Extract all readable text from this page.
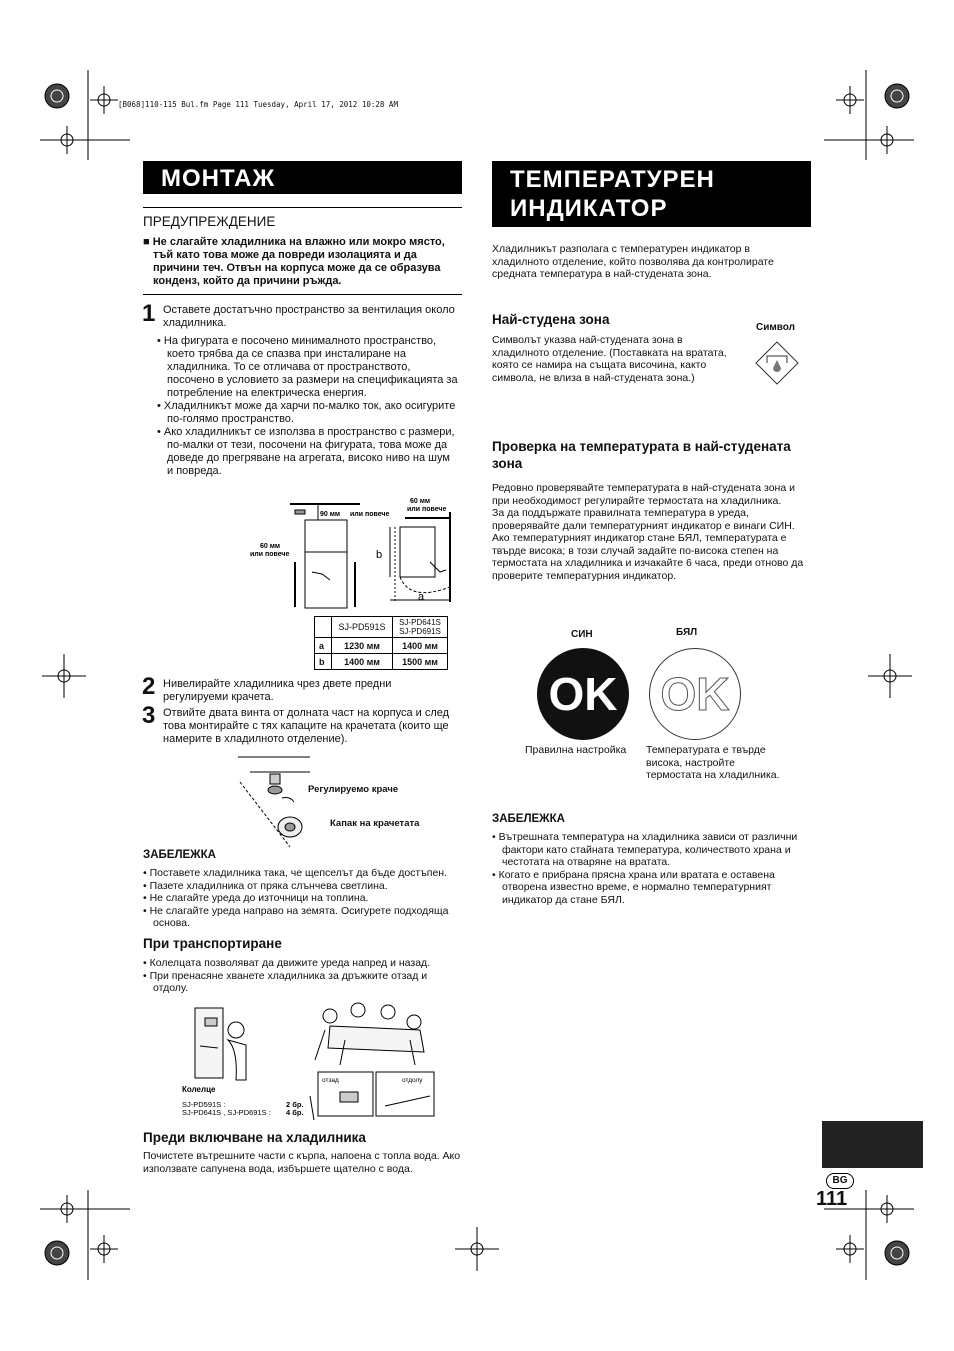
[B068]110-115 Bul.fm Page 111 Tuesday, April 17, 2012 10:28 AM
МОНТАЖ
ПРЕДУПРЕЖДЕНИЕ

■ Не слагайте хладилника на влажно или мокро място, тъй като това може да повреди изолацията и да причини теч. Отвън на корпуса може да се образува конденз, който да причини ръжда.

1 Оставете достатъчно пространство за вентилация около хладилника.

• На фигурата е посочено минималното пространство, което трябва да се спазва при инсталиране на хладилника. То се отличава от пространството, посочено в условието за размери на спецификацията за потребление на електрическа енергия.

• Хладилникът може да харчи по-малко ток, ако осигурите по-голямо пространство.

• Ако хладилникът се използва в пространство с размери, по-малки от тези, посочени на фигурата, това може да доведе до прегряване на агрегата, високо ниво на шум и повреда.

90 мм или повече
60 мм
или повече
60 мм
или повече
b
a
	SJ-PD591S	SJ-PD641S
SJ-PD691S
a	1230 мм	1400 мм
b	1400 мм	1500 мм
2 Нивелирайте хладилника чрез двете предни регулируеми крачета.
3 Отвийте двата винта от долната част на корпуса и след това монтирайте с тях капаците на крачетата (които ще намерите в хладилното отделение).
Регулируемо краче
Капак на крачетата
ЗАБЕЛЕЖКА

• Поставете хладилника така, че щепселът да бъде достъпен.

• Пазете хладилника от пряка слънчева светлина.

• Не слагайте уреда до източници на топлина.

• Не слагайте уреда направо на земята. Осигурете подходяща основа.

При транспортиране

• Колелцата позволяват да движите уреда напред и назад.

• При пренасяне хванете хладилника за дръжките отзад и отдолу.

Колелце
SJ-PD591S :
SJ-PD641S , SJ-PD691S :
2 бр.
4 бр.
отзад	отдолу
Преди включване на хладилника
Почистете вътрешните части с кърпа, напоена с топла вода. Ако използвате сапунена вода, избършете щателно с вода.
ТЕМПЕРАТУРЕН
ИНДИКАТОР
Хладилникът разполага с температурен индикатор в хладилното отделение, който позволява да контролирате средната температура в най-студената зона.
Най-студена зона
Символ
Символът указва най-студената зона в хладилното отделение. (Поставката на вратата, която се намира на същата височина, както символа, не влиза в най-студената зона.)
Проверка на температурата в най-студената зона
Редовно проверявайте температурата в най-студената зона и при необходимост регулирайте термостата на хладилника.
За да поддържате правилната температура в уреда, проверявайте дали температурният индикатор е винаги СИН. Ако температурният индикатор стане БЯЛ, температурата е твърде висока; в този случай задайте по-висока степен на термостата на хладилника и изчакайте 6 часа, преди отново да проверите температурния индикатор.
СИН	БЯЛ
OK OK
Правилна настройка Температурата е твърде висока, настройте термостата на хладилника.
ЗАБЕЛЕЖКА

• Вътрешната температура на хладилника зависи от различни фактори като стайната температура, количеството храна и честотата на отваряне на вратата.

• Когато е прибрана прясна храна или вратата е оставена отворена известно време, е нормално температурният индикатор да стане БЯЛ.

BG
111
